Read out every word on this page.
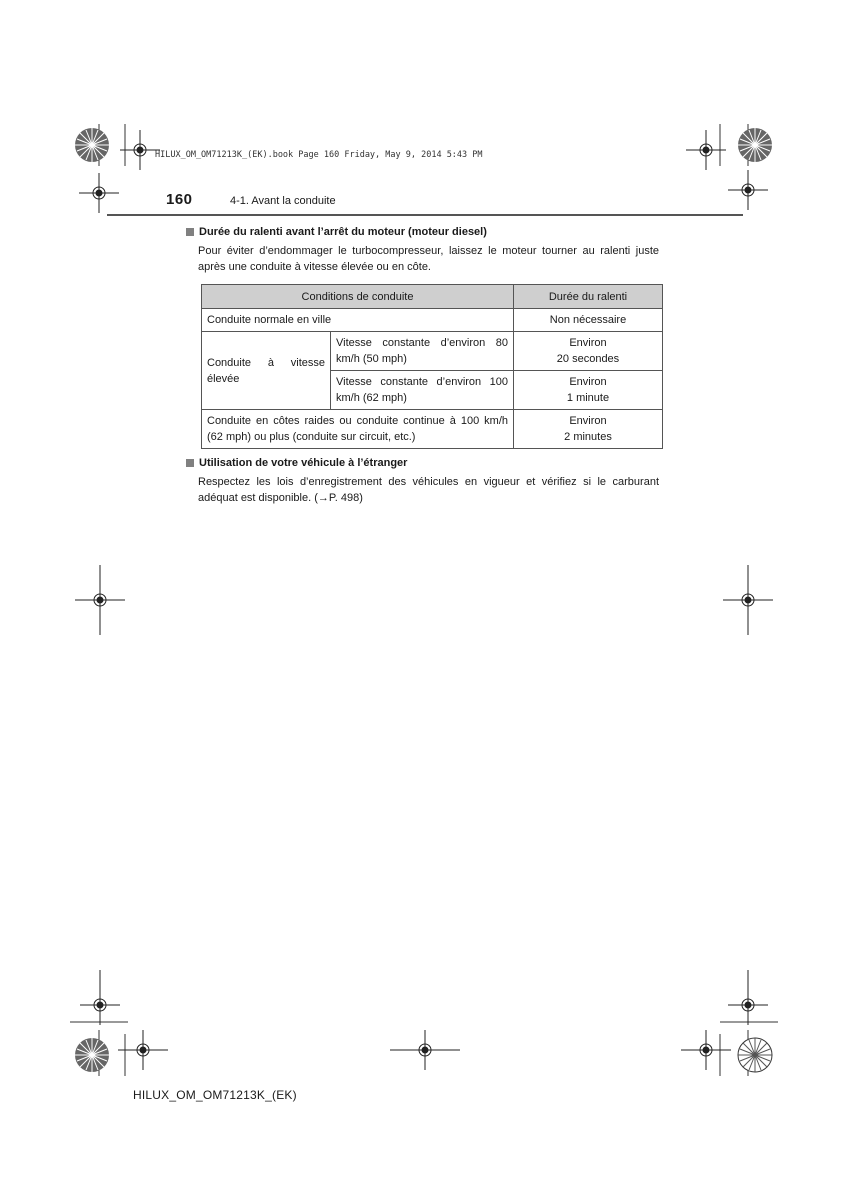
HILUX_OM_OM71213K_(EK).book Page 160 Friday, May 9, 2014 5:43 PM
160	4-1. Avant la conduite
Durée du ralenti avant l’arrêt du moteur (moteur diesel)
Pour éviter d’endommager le turbocompresseur, laissez le moteur tourner au ralenti juste après une conduite à vitesse élevée ou en côte.
Conditions de conduite		Durée du ralenti
Conduite normale en ville		Non nécessaire
Conduite à vitesse élevée	Vitesse constante d’environ 80 km/h (50 mph)	Environ
20 secondes

	Vitesse constante d’environ 100 km/h (62 mph)	Environ
1 minute

Conduite en côtes raides ou conduite continue à 100 km/h (62 mph) ou plus (conduite sur circuit, etc.)		Environ
2 minutes
Utilisation de votre véhicule à l’étranger
Respectez les lois d’enregistrement des véhicules en vigueur et vérifiez si le carburant adéquat est disponible. (→P. 498)
HILUX_OM_OM71213K_(EK)
